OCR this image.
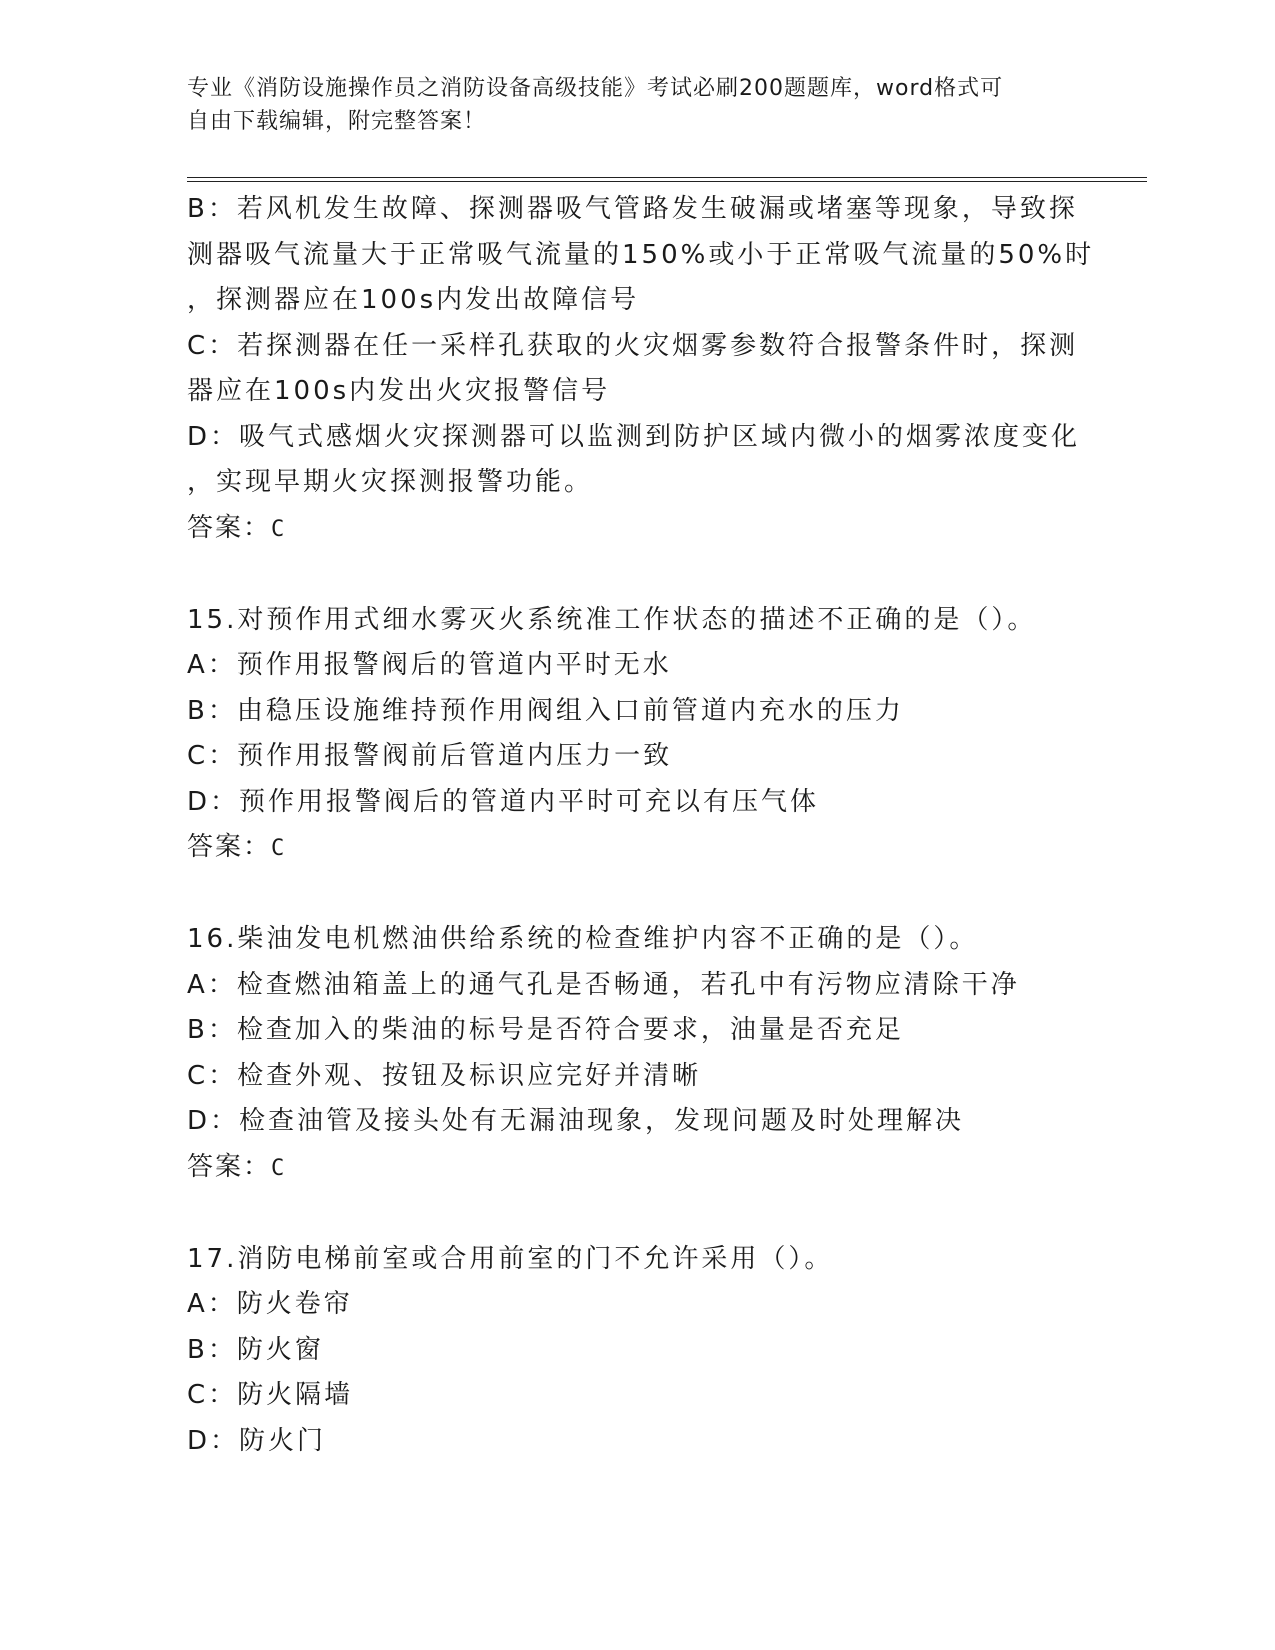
专业《消防设施操作员之消防设备高级技能》考试必刷200题题库，word格式可
自由下载编辑，附完整答案！
B：若风机发生故障、探测器吸气管路发生破漏或堵塞等现象，导致探
测器吸气流量大于正常吸气流量的150%或小于正常吸气流量的50%时
，探测器应在100s内发出故障信号
C：若探测器在任一采样孔获取的火灾烟雾参数符合报警条件时，探测
器应在100s内发出火灾报警信号
D：吸气式感烟火灾探测器可以监测到防护区域内微小的烟雾浓度变化
，实现早期火灾探测报警功能。
答案：C
15.对预作用式细水雾灭火系统准工作状态的描述不正确的是（）。
A：预作用报警阀后的管道内平时无水
B：由稳压设施维持预作用阀组入口前管道内充水的压力
C：预作用报警阀前后管道内压力一致
D：预作用报警阀后的管道内平时可充以有压气体
答案：C
16.柴油发电机燃油供给系统的检查维护内容不正确的是（）。
A：检查燃油箱盖上的通气孔是否畅通，若孔中有污物应清除干净
B：检查加入的柴油的标号是否符合要求，油量是否充足
C：检查外观、按钮及标识应完好并清晰
D：检查油管及接头处有无漏油现象，发现问题及时处理解决
答案：C
17.消防电梯前室或合用前室的门不允许采用（）。
A：防火卷帘
B：防火窗
C：防火隔墙
D：防火门
